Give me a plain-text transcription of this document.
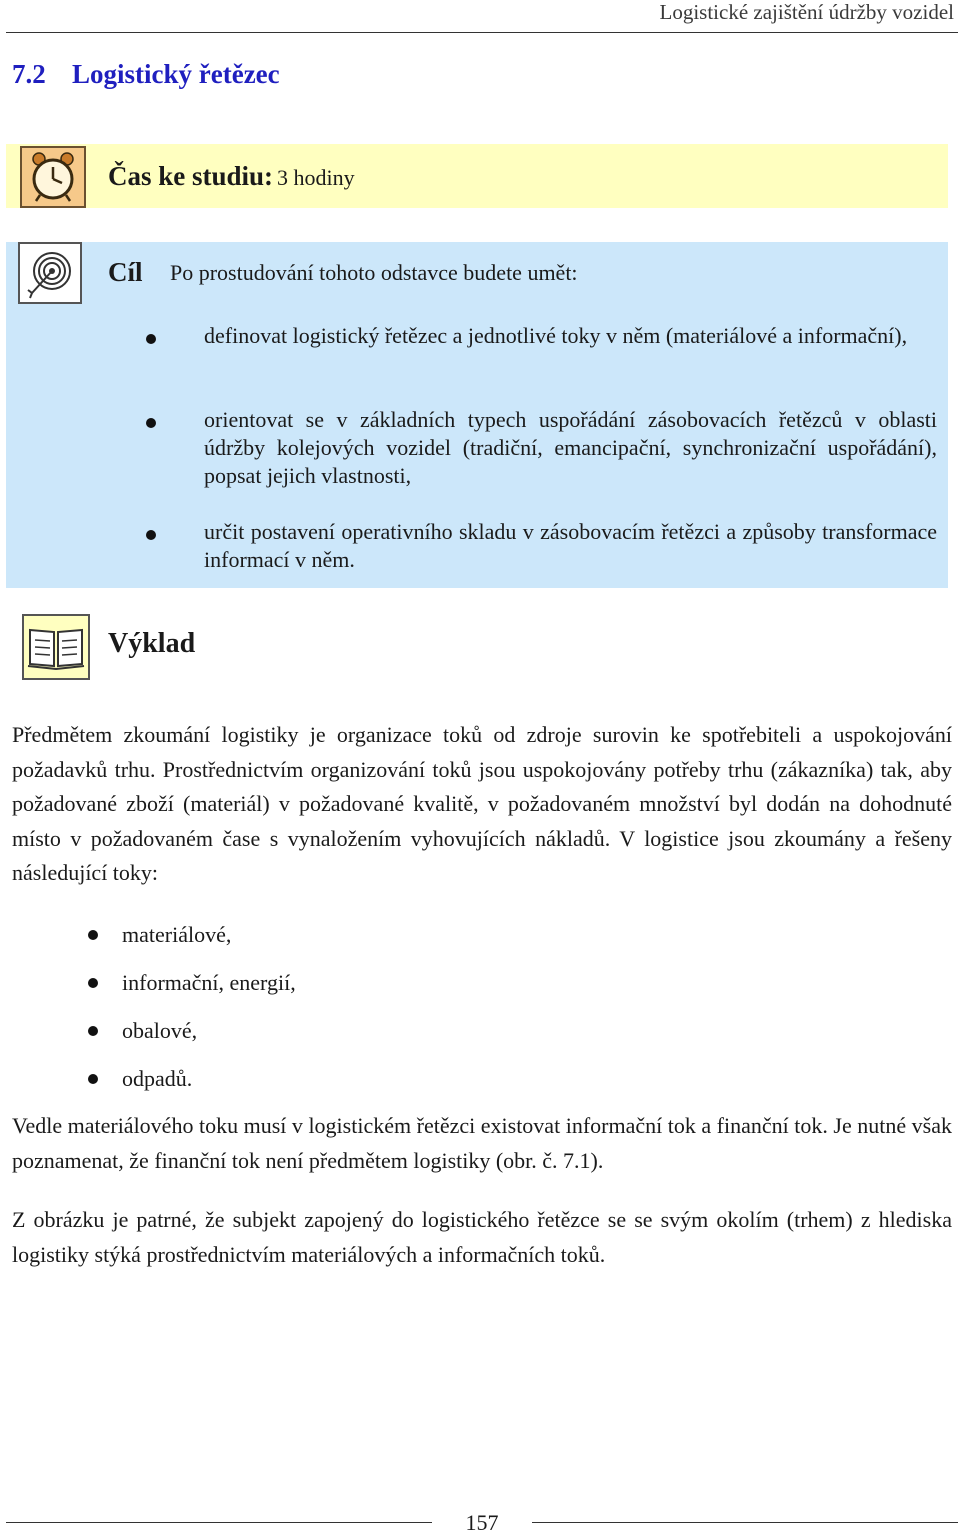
Logistické zajištění údržby vozidel
7.2 Logistický řetězec
Čas ke studiu: 3 hodiny
Cíl Po prostudování tohoto odstavce budete umět:
definovat logistický řetězec a jednotlivé toky v něm (materiálové a informační),
orientovat se v základních typech uspořádání zásobovacích řetězců v oblasti údržby kolejových vozidel (tradiční, emancipační, synchronizační uspořádání), popsat jejich vlastnosti,
určit postavení operativního skladu v zásobovacím řetězci a způsoby transformace informací v něm.
Výklad
Předmětem zkoumání logistiky je organizace toků od zdroje surovin ke spotřebiteli a uspokojování požadavků trhu. Prostřednictvím organizování toků jsou uspokojovány potřeby trhu (zákazníka) tak, aby požadované zboží (materiál) v požadované kvalitě, v požadovaném množství byl dodán na dohodnuté místo v požadovaném čase s vynaložením vyhovujících nákladů. V logistice jsou zkoumány a řešeny následující toky:
materiálové,
informační, energií,
obalové,
odpadů.
Vedle materiálového toku musí v logistickém řetězci existovat informační tok a finanční tok. Je nutné však poznamenat, že finanční tok není předmětem logistiky (obr. č. 7.1).
Z obrázku je patrné, že subjekt zapojený do logistického řetězce se se svým okolím (trhem) z hlediska logistiky stýká prostřednictvím materiálových a informačních toků.
157
